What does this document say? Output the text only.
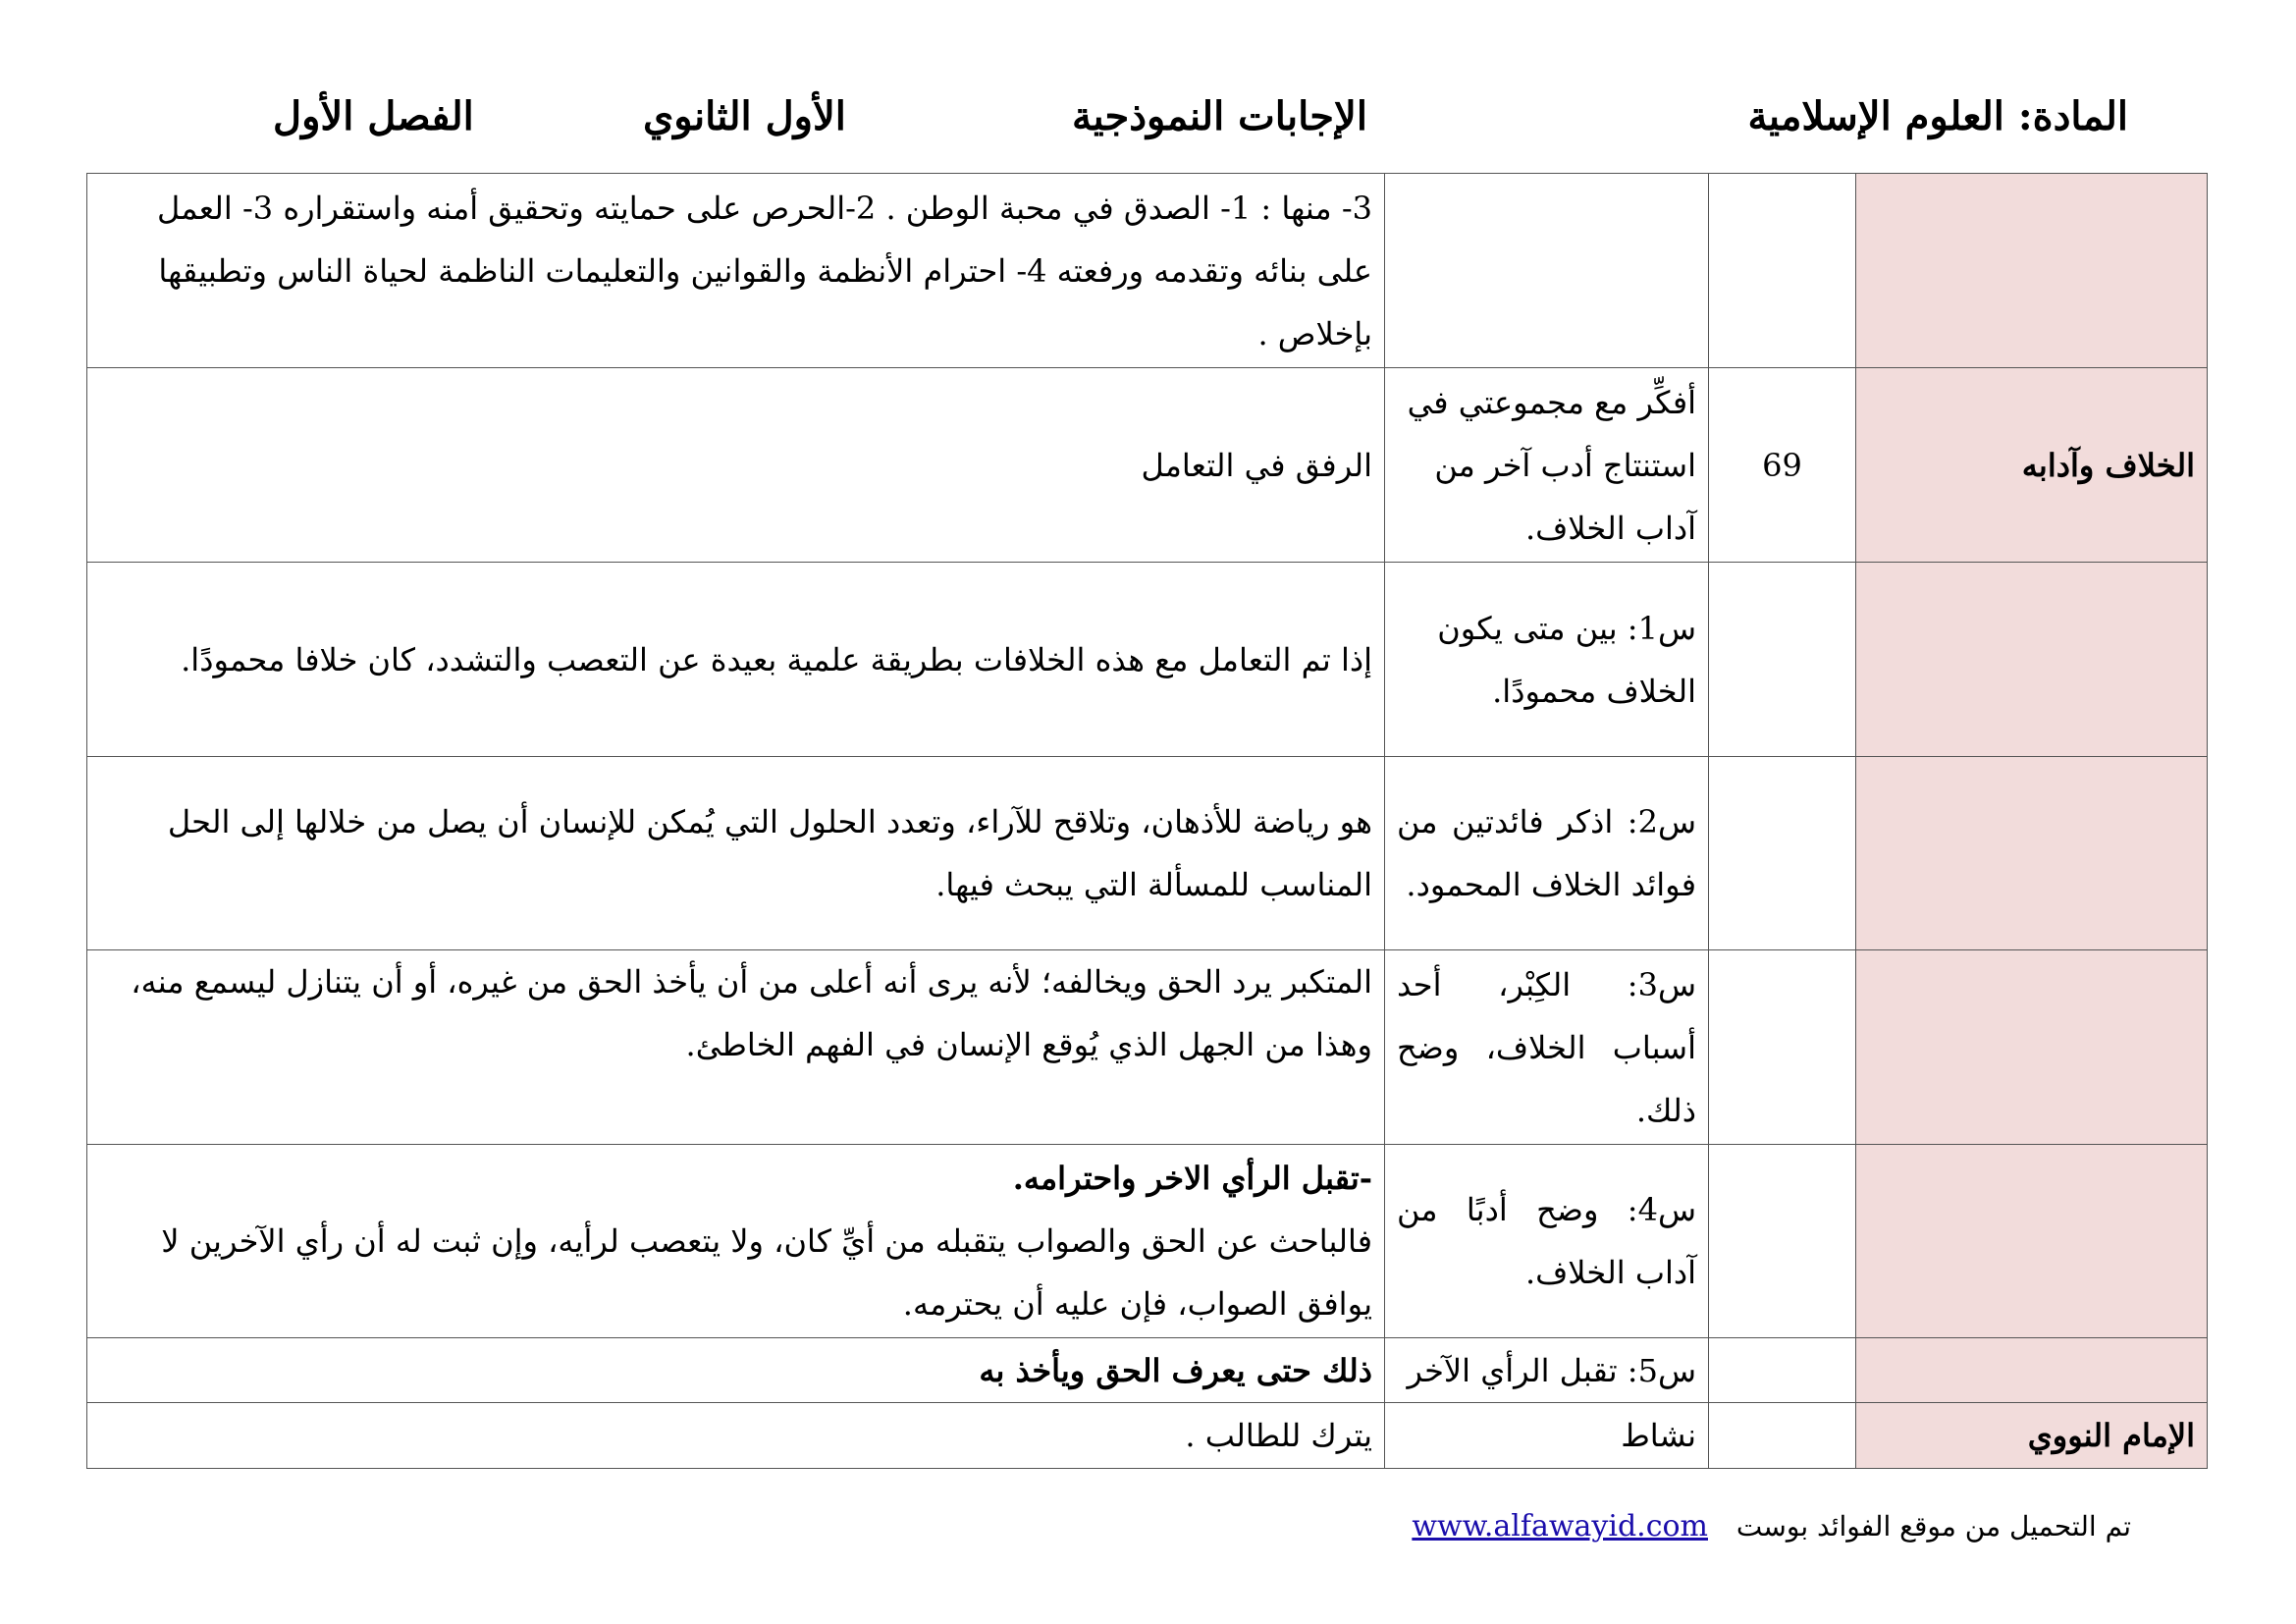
المادة: العلوم الإسلامية
الإجابات النموذجية
الأول الثانوي
الفصل الأول

			3- منها : 1- الصدق في محبة الوطن . 2-الحرص على حمايته وتحقيق أمنه واستقراره 3- العمل

على بنائه وتقدمه ورفعته 4- احترام الأنظمة والقوانين والتعليمات الناظمة لحياة الناس وتطبيقها

بإخلاص .

الخلاف وآدابه	69	أفكِّر مع مجموعتي في استنتاج أدب آخر من آداب الخلاف.	الرفق في التعامل
		س1: بين متى يكون الخلاف محمودًا.	إذا تم التعامل مع هذه الخلافات بطريقة علمية بعيدة عن التعصب والتشدد، كان خلافا محمودًا.
		س2: اذكر فائدتين من فوائد الخلاف المحمود.	هو رياضة للأذهان، وتلاقح للآراء، وتعدد الحلول التي يُمكن للإنسان أن يصل من خلالها إلى الحل المناسب للمسألة التي يبحث فيها.
		س3: الكِبْر، أحد أسباب الخلاف، وضح ذلك.	المتكبر يرد الحق ويخالفه؛ لأنه يرى أنه أعلى من أن يأخذ الحق من غيره، أو أن يتنازل ليسمع منه، وهذا من الجهل الذي يُوقع الإنسان في الفهم الخاطئ.
		س4: وضح أدبًا من آداب الخلاف.	-تقبل الرأي الاخر واحترامه.

فالباحث عن الحق والصواب يتقبله من أيِّ كان، ولا يتعصب لرأيه، وإن ثبت له أن رأي الآخرين لا يوافق الصواب، فإن عليه أن يحترمه.

		س5: تقبل الرأي الآخر	ذلك حتى يعرف الحق ويأخذ به
الإمام النووي		نشاط	يترك للطالب .
تم التحميل من موقع الفوائد بوست www.alfawayid.com
